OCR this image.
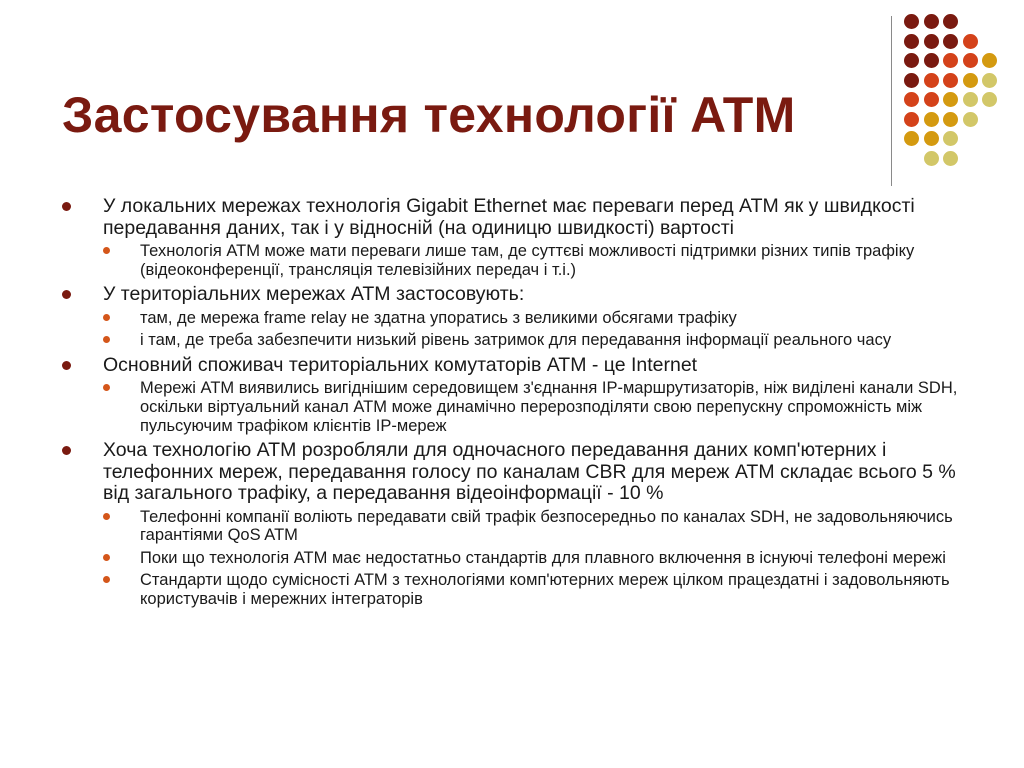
Застосування технології ATM
У локальних мережах технологія Gigabit Ethernet має переваги перед ATM як у швидкості передавання даних, так і у відносній (на одиницю швидкості) вартості
Технологія ATM може мати переваги лише там, де суттєві можливості підтримки різних типів трафіку (відеоконференції, трансляція телевізійних передач і т.і.)
У територіальних мережах ATM застосовують:
там, де мережа frame relay не здатна упоратись з великими обсягами трафіку
і там, де треба забезпечити низький рівень затримок для передавання інформації реального часу
Основний споживач територіальних комутаторів ATM - це Internet
Мережі ATM виявились вигіднішим середовищем з'єднання IP-маршрутизаторів, ніж виділені канали SDH, оскільки віртуальний канал ATM може динамічно перерозподіляти свою перепускну спроможність між пульсуючим трафіком клієнтів IP-мереж
Хоча технологію ATM розробляли для одночасного передавання даних комп'ютерних і телефонних мереж, передавання голосу по каналам CBR для мереж ATM складає всього 5 % від загального трафіку, а передавання відеоінформації - 10 %
Телефонні компанії воліють передавати свій трафік безпосередньо по каналах SDH, не задовольняючись гарантіями QoS ATM
Поки що технологія ATM має недостатньо стандартів для плавного включення в існуючі телефоні мережі
Стандарти щодо сумісності ATM з технологіями комп'ютерних мереж цілком працездатні і задовольняють користувачів і мережних інтеграторів
